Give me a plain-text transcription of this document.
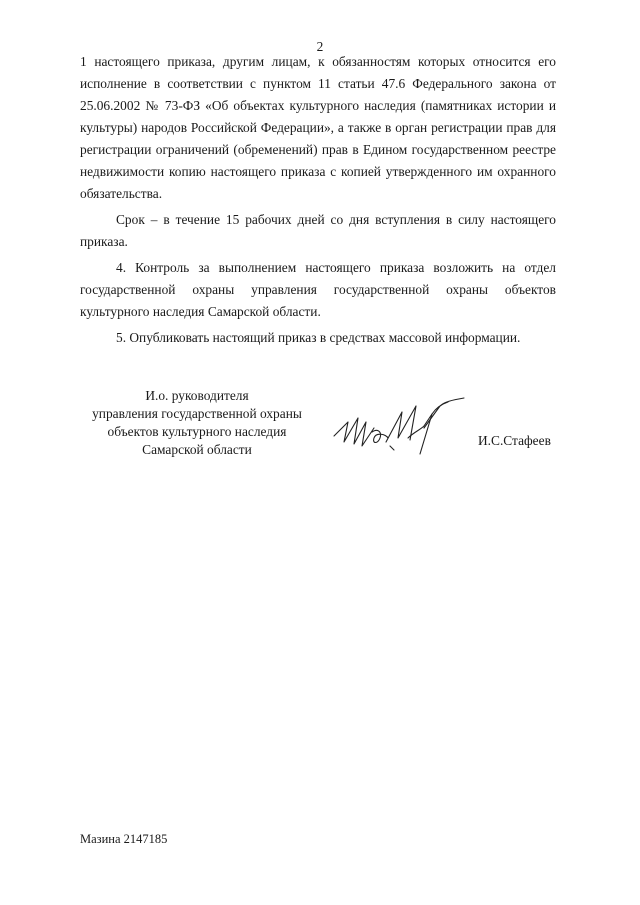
2

1 настоящего приказа, другим лицам, к обязанностям которых относится его исполнение в соответствии с пунктом 11 статьи 47.6 Федерального закона от 25.06.2002 № 73-ФЗ «Об объектах культурного наследия (памятниках истории и культуры) народов Российской Федерации», а также в орган регистрации прав для регистрации ограничений (обременений) прав в Едином государственном реестре недвижимости копию настоящего приказа с копией утвержденного им охранного обязательства.

Срок – в течение 15 рабочих дней со дня вступления в силу настоящего приказа.

4. Контроль за выполнением настоящего приказа возложить на отдел государственной охраны управления государственной охраны объектов культурного наследия Самарской области.

5. Опубликовать настоящий приказ в средствах массовой информации.

И.о. руководителя
управления государственной охраны
объектов культурного наследия
Самарской области
И.С.Стафеев
Мазина 2147185
